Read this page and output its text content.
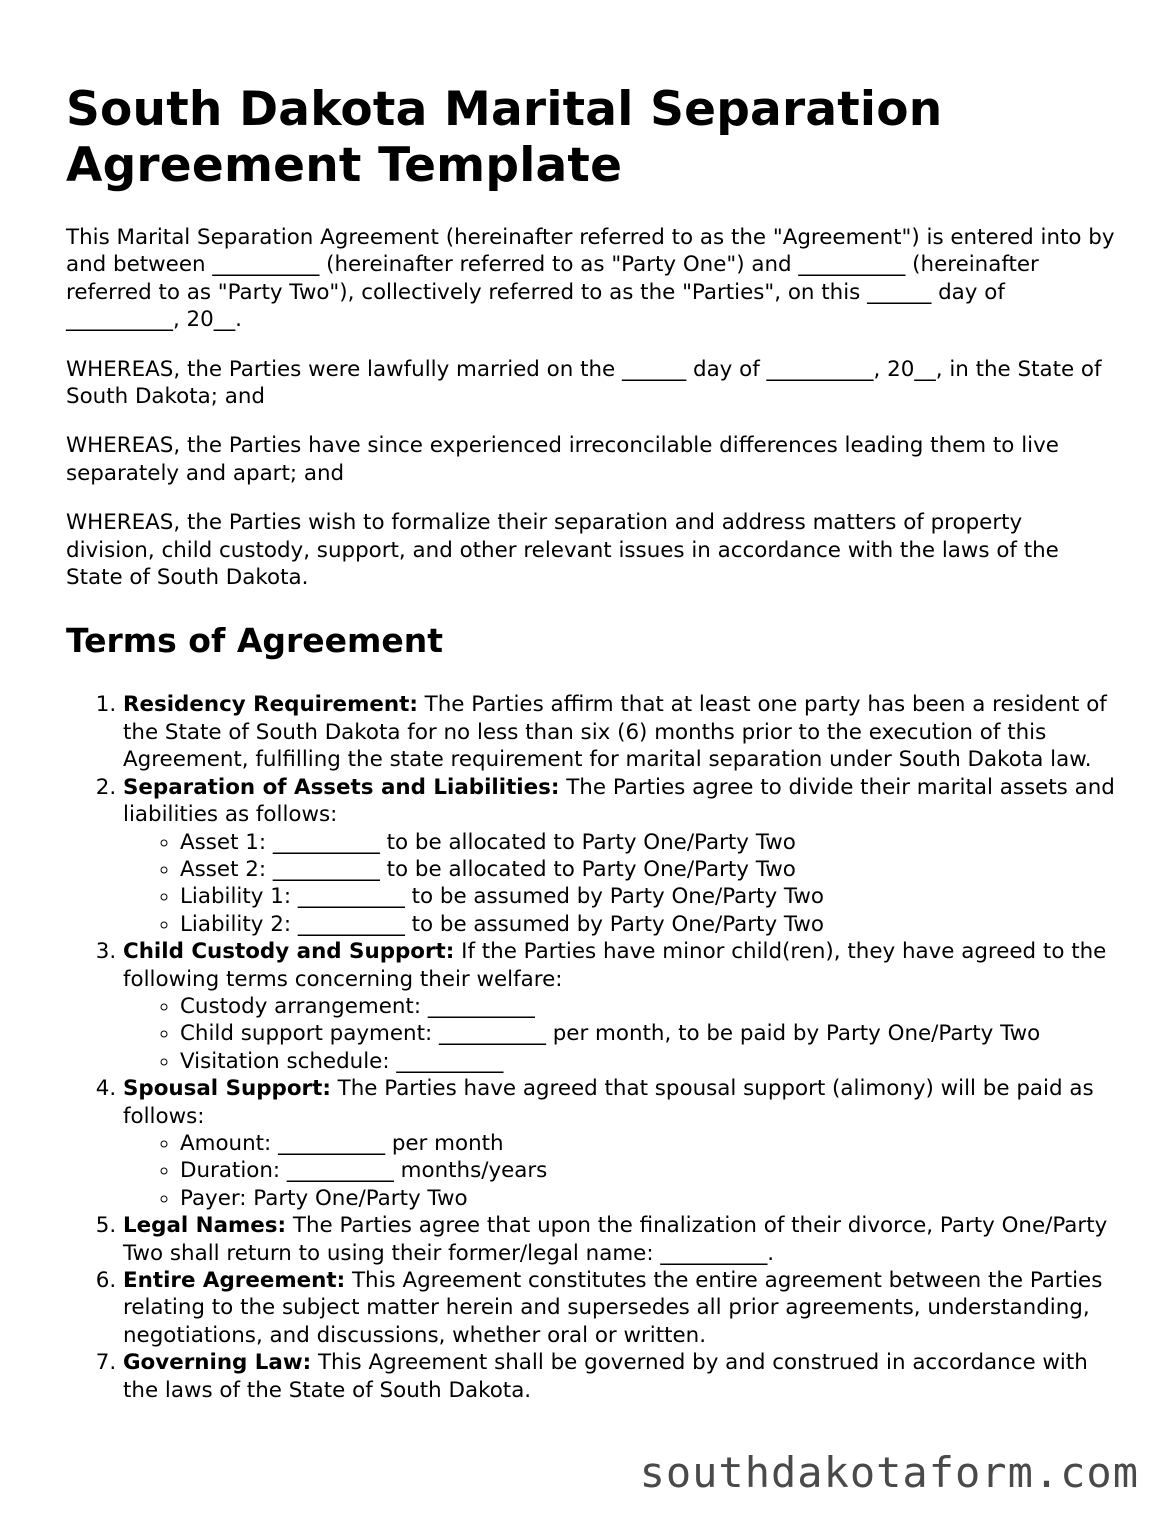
South Dakota Marital Separation Agreement Template

This Marital Separation Agreement (hereinafter referred to as the "Agreement") is entered into by and between __________ (hereinafter referred to as "Party One") and __________ (hereinafter referred to as "Party Two"), collectively referred to as the "Parties", on this ______ day of __________, 20__.

WHEREAS, the Parties were lawfully married on the ______ day of __________, 20__, in the State of South Dakota; and

WHEREAS, the Parties have since experienced irreconcilable differences leading them to live separately and apart; and

WHEREAS, the Parties wish to formalize their separation and address matters of property division, child custody, support, and other relevant issues in accordance with the laws of the State of South Dakota.

Terms of Agreement
1. Residency Requirement: The Parties affirm that at least one party has been a resident of the State of South Dakota for no less than six (6) months prior to the execution of this Agreement, fulfilling the state requirement for marital separation under South Dakota law.
2. Separation of Assets and Liabilities: The Parties agree to divide their marital assets and liabilities as follows:
◦ Asset 1: __________ to be allocated to Party One/Party Two
◦ Asset 2: __________ to be allocated to Party One/Party Two
◦ Liability 1: __________ to be assumed by Party One/Party Two
◦ Liability 2: __________ to be assumed by Party One/Party Two
3. Child Custody and Support: If the Parties have minor child(ren), they have agreed to the following terms concerning their welfare:
◦ Custody arrangement: __________
◦ Child support payment: __________ per month, to be paid by Party One/Party Two
◦ Visitation schedule: __________
4. Spousal Support: The Parties have agreed that spousal support (alimony) will be paid as follows:
◦ Amount: __________ per month
◦ Duration: __________ months/years
◦ Payer: Party One/Party Two
5. Legal Names: The Parties agree that upon the finalization of their divorce, Party One/Party Two shall return to using their former/legal name: __________.
6. Entire Agreement: This Agreement constitutes the entire agreement between the Parties relating to the subject matter herein and supersedes all prior agreements, understanding, negotiations, and discussions, whether oral or written.
7. Governing Law: This Agreement shall be governed by and construed in accordance with the laws of the State of South Dakota.
southdakotaform.com
